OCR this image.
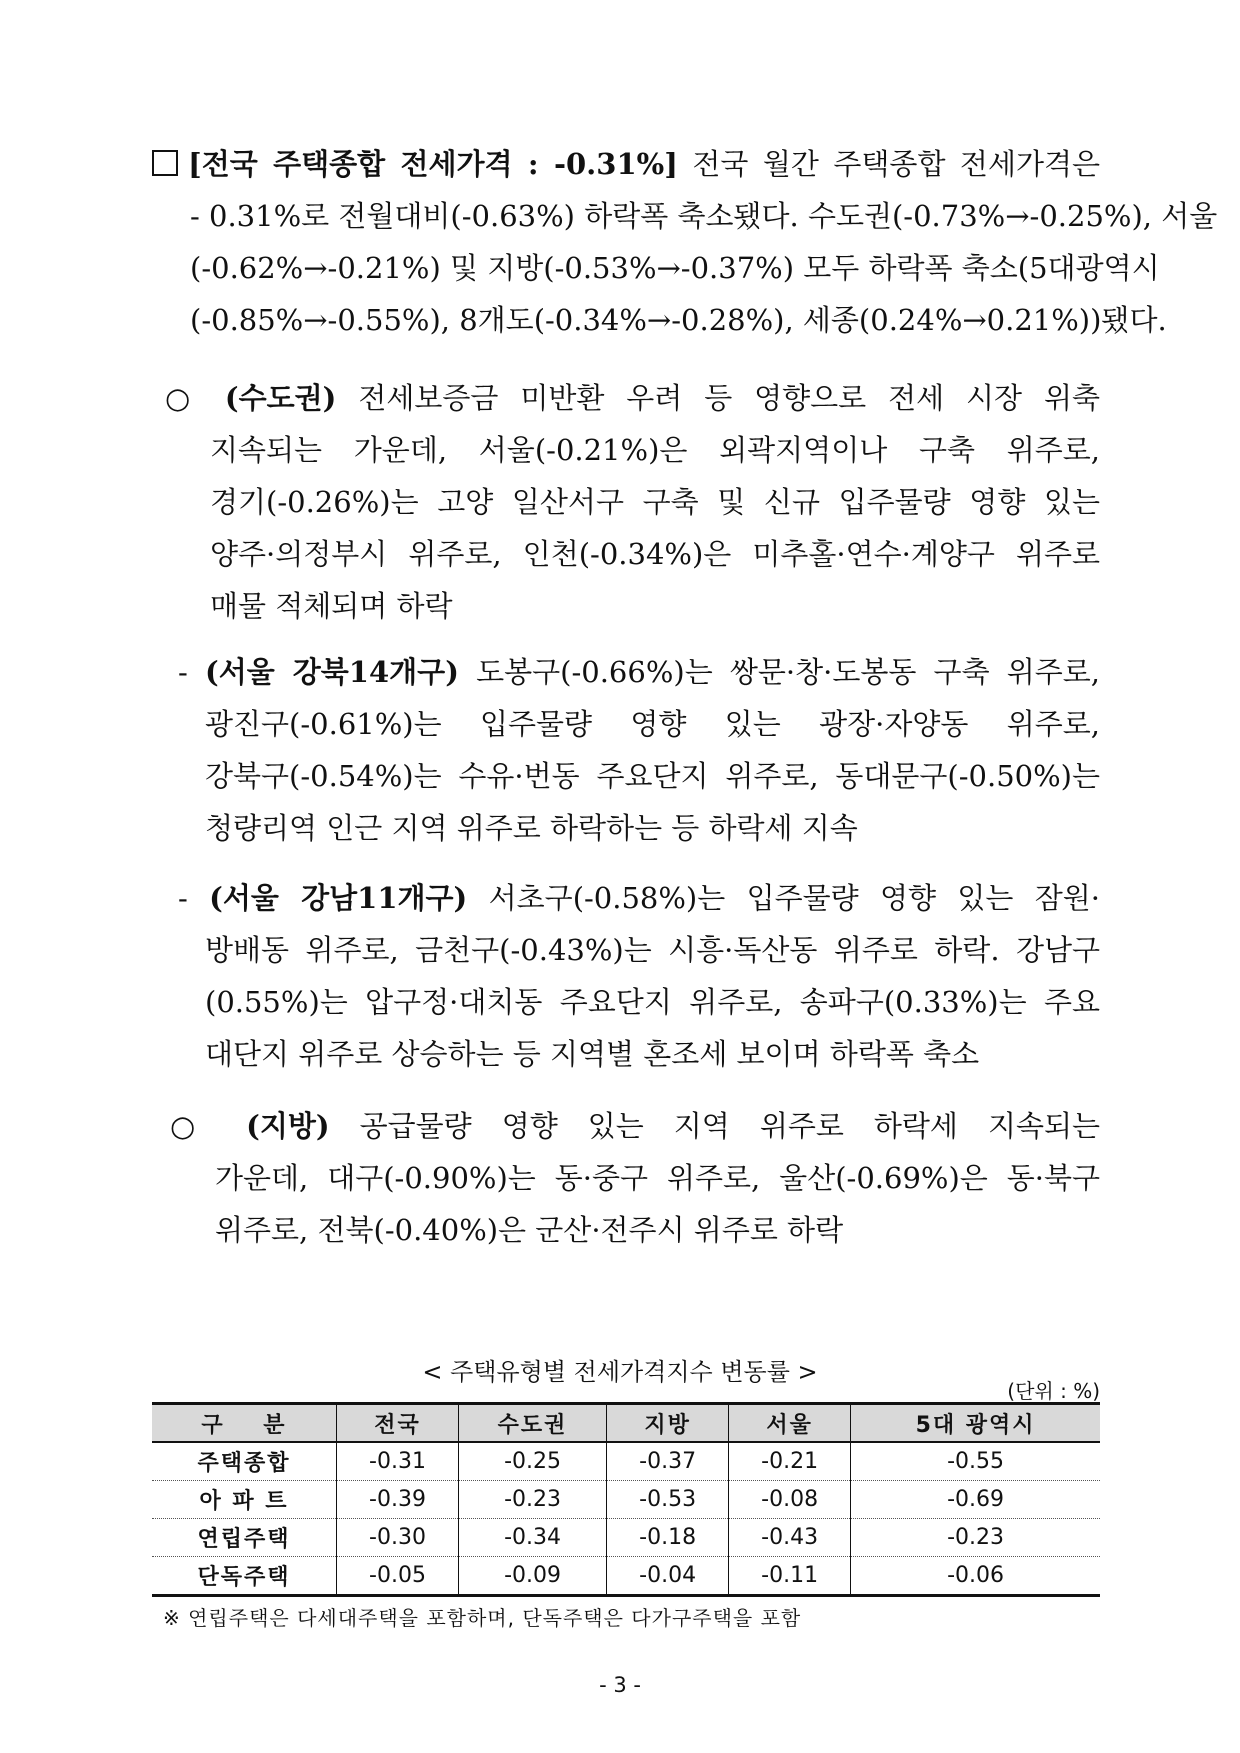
[전국 주택종합 전세가격 : -0.31%] 전국 월간 주택종합 전세가격은
- 0.31%로 전월대비(-0.63%) 하락폭 축소됐다. 수도권(-0.73%→-0.25%), 서울
(-0.62%→-0.21%) 및 지방(-0.53%→-0.37%) 모두 하락폭 축소(5대광역시
(-0.85%→-0.55%), 8개도(-0.34%→-0.28%), 세종(0.24%→0.21%))됐다.
○ (수도권) 전세보증금 미반환 우려 등 영향으로 전세 시장 위축
지속되는 가운데, 서울(-0.21%)은 외곽지역이나 구축 위주로,
경기(-0.26%)는 고양 일산서구 구축 및 신규 입주물량 영향 있는
양주·의정부시 위주로, 인천(-0.34%)은 미추홀·연수·계양구 위주로
매물 적체되며 하락
- (서울 강북14개구) 도봉구(-0.66%)는 쌍문·창·도봉동 구축 위주로,
광진구(-0.61%)는 입주물량 영향 있는 광장·자양동 위주로,
강북구(-0.54%)는 수유·번동 주요단지 위주로, 동대문구(-0.50%)는
청량리역 인근 지역 위주로 하락하는 등 하락세 지속
- (서울 강남11개구) 서초구(-0.58%)는 입주물량 영향 있는 잠원·
방배동 위주로, 금천구(-0.43%)는 시흥·독산동 위주로 하락. 강남구
(0.55%)는 압구정·대치동 주요단지 위주로, 송파구(0.33%)는 주요
대단지 위주로 상승하는 등 지역별 혼조세 보이며 하락폭 축소
○ (지방) 공급물량 영향 있는 지역 위주로 하락세 지속되는
가운데, 대구(-0.90%)는 동·중구 위주로, 울산(-0.69%)은 동·북구
위주로, 전북(-0.40%)은 군산·전주시 위주로 하락
< 주택유형별 전세가격지수 변동률 >
(단위 : %)
구    분	전국	수도권	지방	서울	5대 광역시
주택종합	-0.31	-0.25	-0.37	-0.21	-0.55
아 파 트	-0.39	-0.23	-0.53	-0.08	-0.69
연립주택	-0.30	-0.34	-0.18	-0.43	-0.23
단독주택	-0.05	-0.09	-0.04	-0.11	-0.06
※ 연립주택은 다세대주택을 포함하며, 단독주택은 다가구주택을 포함
- 3 -
